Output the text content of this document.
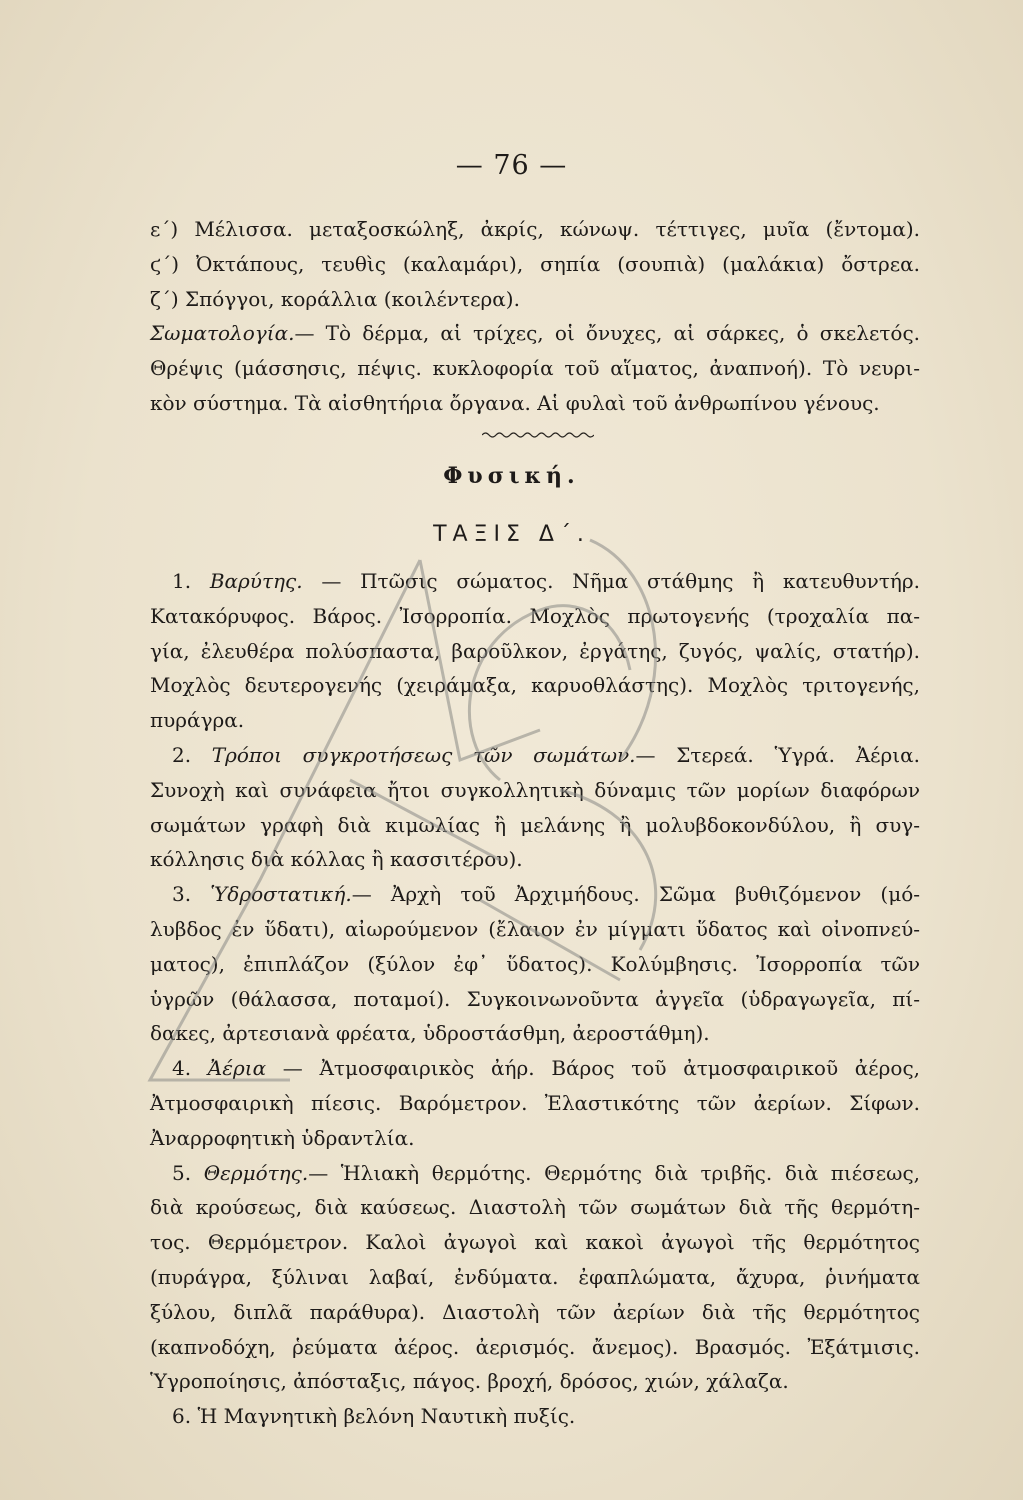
— 76 —

ε΄) Μέλισσα. μεταξοσκώληξ, ἀκρίς, κώνωψ. τέττιγες, μυῖα (ἔντομα).

ϛ΄) Ὀκτάπους, τευθὶς (καλαμάρι), σηπία (σουπιὰ) (μαλάκια) ὄστρεα.

ζ΄) Σπόγγοι, κοράλλια (κοιλέντερα).

Σωματολογία.— Τὸ δέρμα, αἱ τρίχες, οἱ ὄνυχες, αἱ σάρκες, ὁ σκελετός.

Θρέψις (μάσσησις, πέψις. κυκλοφορία τοῦ αἵματος, ἀναπνοή). Τὸ νευρι-

κὸν σύστημα. Τὰ αἰσθητήρια ὄργανα. Αἱ φυλαὶ τοῦ ἀνθρωπίνου γένους.

Φυσική.
ΤΑΞΙΣ Δ΄.

1. Βαρύτης. — Πτῶσις σώματος. Νῆμα στάθμης ἢ κατευθυντήρ.

Κατακόρυφος. Βάρος. Ἰσορροπία. Μοχλὸς πρωτογενής (τροχαλία πα-

γία, ἐλευθέρα πολύσπαστα, βαροῦλκον, ἐργάτης, ζυγός, ψαλίς, στατήρ).

Μοχλὸς δευτερογενής (χειράμαξα, καρυοθλάστης). Μοχλὸς τριτογενής,

πυράγρα.

2. Τρόποι συγκροτήσεως τῶν σωμάτων.— Στερεά. Ὑγρά. Ἀέρια.

Συνοχὴ καὶ συνάφεια ἤτοι συγκολλητικὴ δύναμις τῶν μορίων διαφόρων

σωμάτων γραφὴ διὰ κιμωλίας ἢ μελάνης ἢ μολυβδοκονδύλου, ἢ συγ-

κόλλησις διὰ κόλλας ἢ κασσιτέρου).

3. Ὑδροστατική.— Ἀρχὴ τοῦ Ἀρχιμήδους. Σῶμα βυθιζόμενον (μό-

λυβδος ἐν ὕδατι), αἰωρούμενον (ἔλαιον ἐν μίγματι ὕδατος καὶ οἰνοπνεύ-

ματος), ἐπιπλάζον (ξύλον ἐφ᾽ ὕδατος). Κολύμβησις. Ἰσορροπία τῶν

ὑγρῶν (θάλασσα, ποταμοί). Συγκοινωνοῦντα ἀγγεῖα (ὑδραγωγεῖα, πί-

δακες, ἀρτεσιανὰ φρέατα, ὑδροστάσθμη, ἀεροστάθμη).

4. Ἀέρια — Ἀτμοσφαιρικὸς ἀήρ. Βάρος τοῦ ἀτμοσφαιρικοῦ ἀέρος,

Ἀτμοσφαιρικὴ πίεσις. Βαρόμετρον. Ἐλαστικότης τῶν ἀερίων. Σίφων.

Ἀναρροφητικὴ ὑδραντλία.

5. Θερμότης.— Ἡλιακὴ θερμότης. Θερμότης διὰ τριβῆς. διὰ πιέσεως,

διὰ κρούσεως, διὰ καύσεως. Διαστολὴ τῶν σωμάτων διὰ τῆς θερμότη-

τος. Θερμόμετρον. Καλοὶ ἀγωγοὶ καὶ κακοὶ ἀγωγοὶ τῆς θερμότητος

(πυράγρα, ξύλιναι λαβαί, ἐνδύματα. ἐφαπλώματα, ἄχυρα, ῥινήματα

ξύλου, διπλᾶ παράθυρα). Διαστολὴ τῶν ἀερίων διὰ τῆς θερμότητος

(καπνοδόχη, ῥεύματα ἀέρος. ἀερισμός. ἄνεμος). Βρασμός. Ἐξάτμισις.

Ὑγροποίησις, ἀπόσταξις, πάγος. βροχή, δρόσος, χιών, χάλαζα.

6. Ἡ Μαγνητικὴ βελόνη Ναυτικὴ πυξίς.
